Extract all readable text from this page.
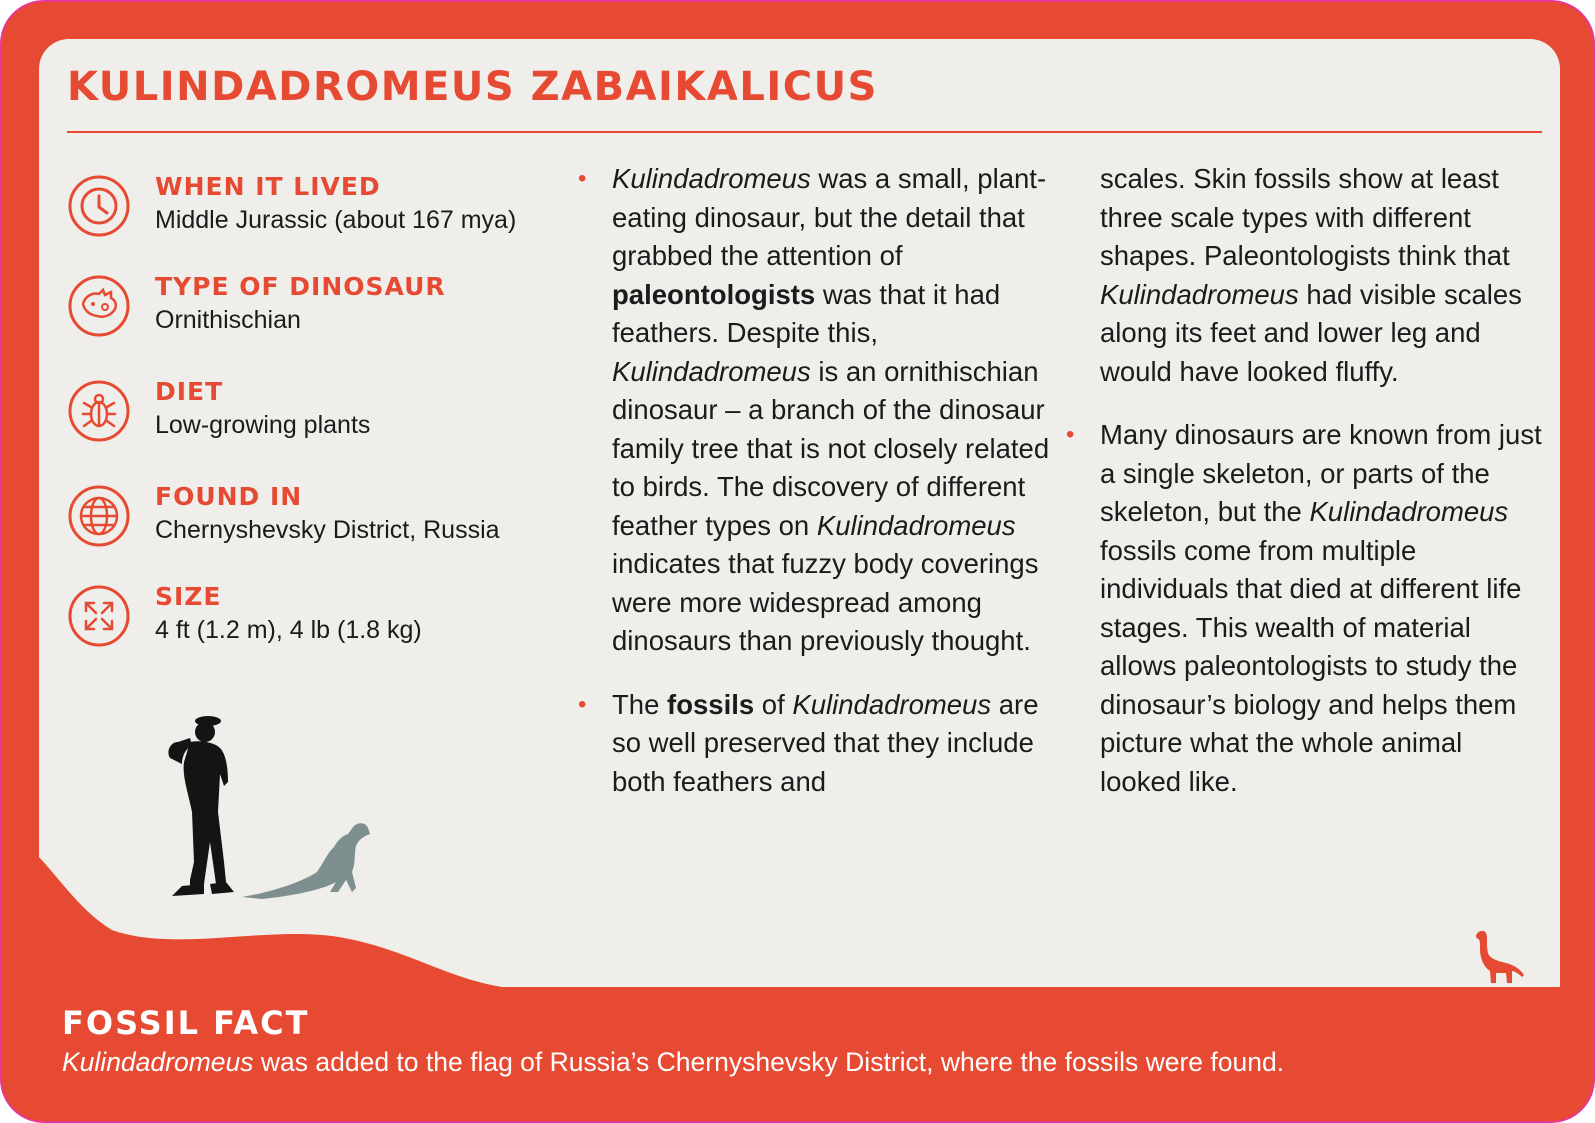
KULINDADROMEUS ZABAIKALICUS
WHEN IT LIVED
Middle Jurassic (about 167 mya)
TYPE OF DINOSAUR
Ornithischian
DIET
Low-growing plants
FOUND IN
Chernyshevsky District, Russia
SIZE
4 ft (1.2 m), 4 lb (1.8 kg)

• Kulindadromeus was a small, plant-eating dinosaur, but the detail that grabbed the attention of paleontologists was that it had feathers. Despite this, Kulindadromeus is an ornithischian dinosaur – a branch of the dinosaur family tree that is not closely related to birds. The discovery of different feather types on Kulindadromeus indicates that fuzzy body coverings were more widespread among dinosaurs than previously thought.

• The fossils of Kulindadromeus are so well preserved that they include both feathers and

scales. Skin fossils show at least three scale types with different shapes. Paleontologists think that Kulindadromeus had visible scales along its feet and lower leg and would have looked fluffy.

• Many dinosaurs are known from just a single skeleton, or parts of the skeleton, but the Kulindadromeus fossils come from multiple individuals that died at different life stages. This wealth of material allows paleontologists to study the dinosaur’s biology and helps them picture what the whole animal looked like.

FOSSIL FACT
Kulindadromeus was added to the flag of Russia’s Chernyshevsky District, where the fossils were found.
